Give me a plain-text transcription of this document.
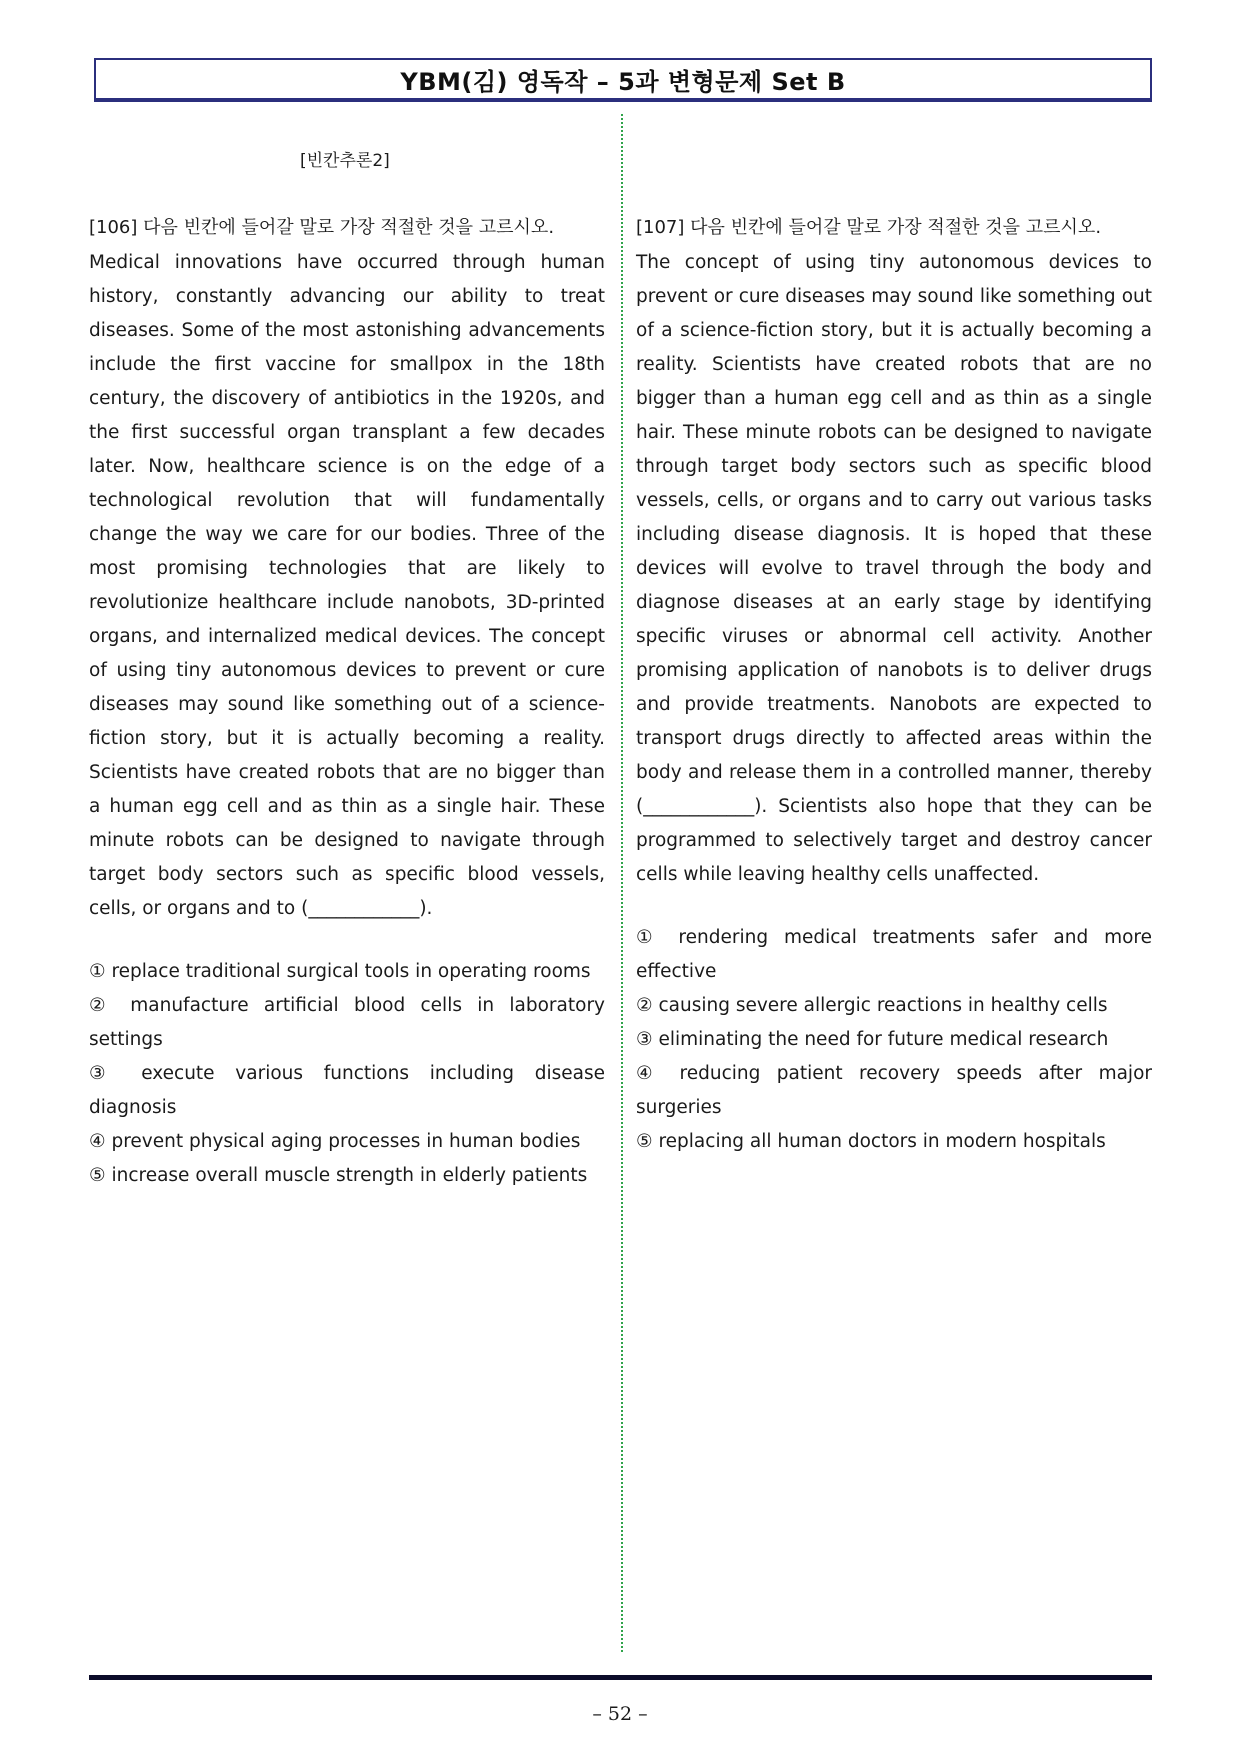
YBM(김) 영독작 – 5과 변형문제 Set B
[빈칸추론2]
[106] 다음 빈칸에 들어갈 말로 가장 적절한 것을 고르시오.
Medical innovations have occurred through human history, constantly advancing our ability to treat diseases. Some of the most astonishing advancements include the first vaccine for smallpox in the 18th century, the discovery of antibiotics in the 1920s, and the first successful organ transplant a few decades later. Now, healthcare science is on the edge of a technological revolution that will fundamentally change the way we care for our bodies. Three of the most promising technologies that are likely to revolutionize healthcare include nanobots, 3D-printed organs, and internalized medical devices. The concept of using tiny autonomous devices to prevent or cure diseases may sound like something out of a science-fiction story, but it is actually becoming a reality. Scientists have created robots that are no bigger than a human egg cell and as thin as a single hair. These minute robots can be designed to navigate through target body sectors such as specific blood vessels, cells, or organs and to (____________).
① replace traditional surgical tools in operating rooms
② manufacture artificial blood cells in laboratory settings
③ execute various functions including disease diagnosis
④ prevent physical aging processes in human bodies
⑤ increase overall muscle strength in elderly patients
[107] 다음 빈칸에 들어갈 말로 가장 적절한 것을 고르시오.
The concept of using tiny autonomous devices to prevent or cure diseases may sound like something out of a science-fiction story, but it is actually becoming a reality. Scientists have created robots that are no bigger than a human egg cell and as thin as a single hair. These minute robots can be designed to navigate through target body sectors such as specific blood vessels, cells, or organs and to carry out various tasks including disease diagnosis. It is hoped that these devices will evolve to travel through the body and diagnose diseases at an early stage by identifying specific viruses or abnormal cell activity. Another promising application of nanobots is to deliver drugs and provide treatments. Nanobots are expected to transport drugs directly to affected areas within the body and release them in a controlled manner, thereby (____________). Scientists also hope that they can be programmed to selectively target and destroy cancer cells while leaving healthy cells unaffected.
① rendering medical treatments safer and more effective
② causing severe allergic reactions in healthy cells
③ eliminating the need for future medical research
④ reducing patient recovery speeds after major surgeries
⑤ replacing all human doctors in modern hospitals
– 52 –
